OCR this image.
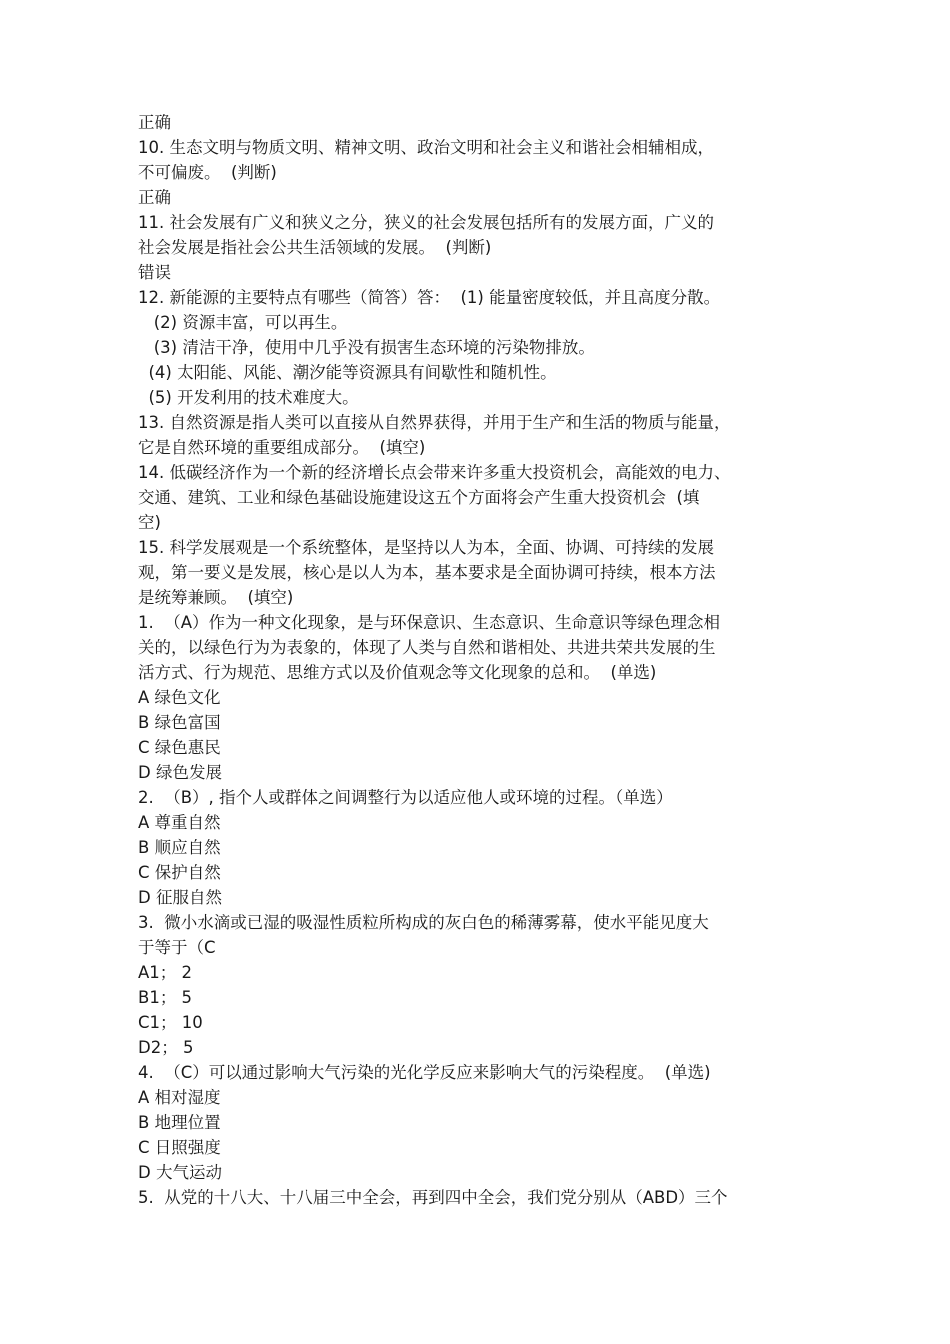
正确
10. 生态文明与物质文明、精神文明、政治文明和社会主义和谐社会相辅相成，
不可偏废。  (判断)
正确
11. 社会发展有广义和狭义之分，狭义的社会发展包括所有的发展方面，广义的
社会发展是指社会公共生活领域的发展。  (判断)
错误
12. 新能源的主要特点有哪些（简答）答：  (1) 能量密度较低，并且高度分散。
(2) 资源丰富，可以再生。
(3) 清洁干净，使用中几乎没有损害生态环境的污染物排放。
(4) 太阳能、风能、潮汐能等资源具有间歇性和随机性。
(5) 开发利用的技术难度大。
13. 自然资源是指人类可以直接从自然界获得，并用于生产和生活的物质与能量，
它是自然环境的重要组成部分。  (填空)
14. 低碳经济作为一个新的经济增长点会带来许多重大投资机会，高能效的电力、
交通、建筑、工业和绿色基础设施建设这五个方面将会产生重大投资机会  (填
空)
15. 科学发展观是一个系统整体，是坚持以人为本，全面、协调、可持续的发展
观，第一要义是发展，核心是以人为本，基本要求是全面协调可持续，根本方法
是统筹兼顾。  (填空)
1.  （A）作为一种文化现象，是与环保意识、生态意识、生命意识等绿色理念相
关的，以绿色行为为表象的，体现了人类与自然和谐相处、共进共荣共发展的生
活方式、行为规范、思维方式以及价值观念等文化现象的总和。  (单选)
A 绿色文化
B 绿色富国
C 绿色惠民
D 绿色发展
2.  （B）, 指个人或群体之间调整行为以适应他人或环境的过程。（单选）
A 尊重自然
B 顺应自然
C 保护自然
D 征服自然
3.  微小水滴或已湿的吸湿性质粒所构成的灰白色的稀薄雾幕，使水平能见度大
于等于（C
A1； 2
B1； 5
C1； 10
D2； 5
4.  （C）可以通过影响大气污染的光化学反应来影响大气的污染程度。  (单选)
A 相对湿度
B 地理位置
C 日照强度
D 大气运动
5.  从党的十八大、十八届三中全会，再到四中全会，我们党分别从（ABD）三个
